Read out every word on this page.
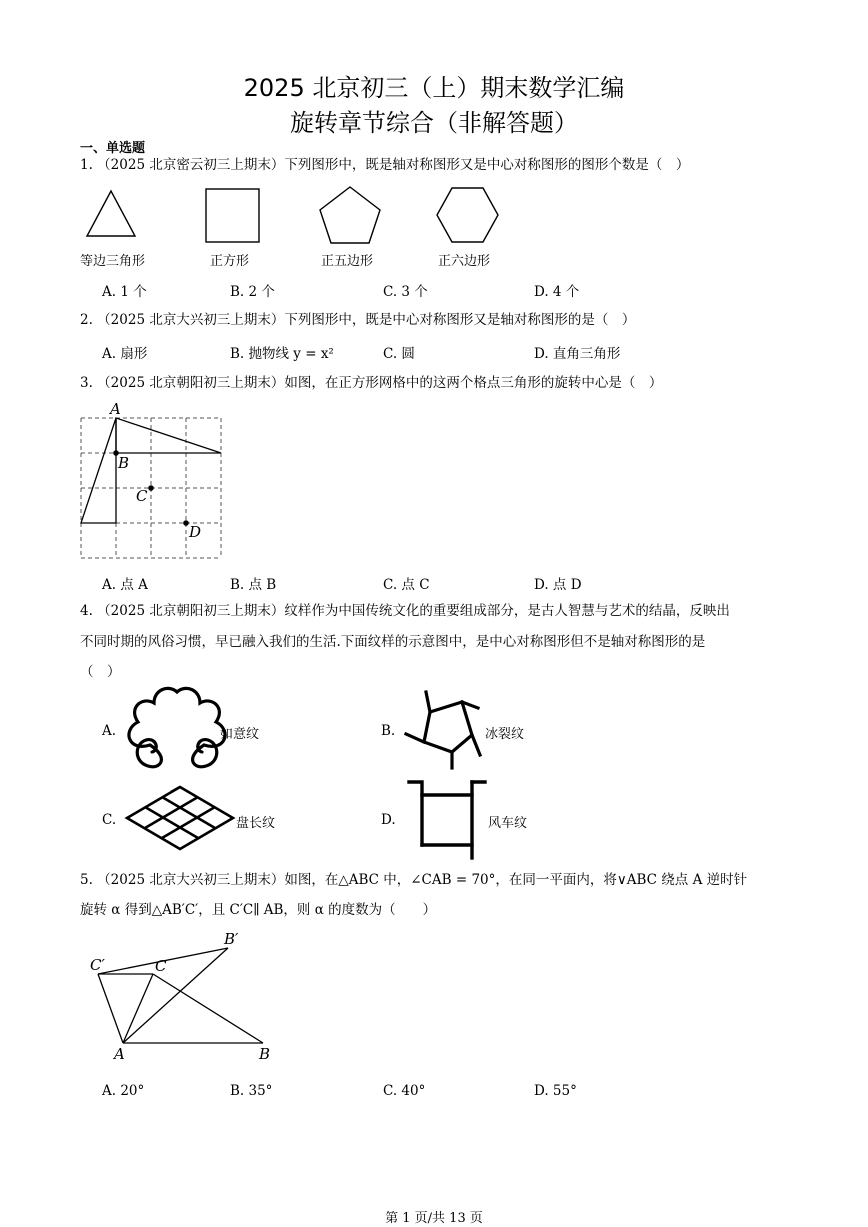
2025 北京初三（上）期末数学汇编
旋转章节综合（非解答题）
一、单选题
1. （2025 北京密云初三上期末）下列图形中，既是轴对称图形又是中心对称图形的图形个数是（　）
等边三角形	正方形	正五边形	正六边形
A. 1 个	B. 2 个	C. 3 个	D. 4 个
2. （2025 北京大兴初三上期末）下列图形中，既是中心对称图形又是轴对称图形的是（　）
A. 扇形	B. 抛物线 y = x²	C. 圆	D. 直角三角形
3. （2025 北京朝阳初三上期末）如图，在正方形网格中的这两个格点三角形的旋转中心是（　）
A
B
C
D
A. 点 A	B. 点 B	C. 点 C	D. 点 D
4. （2025 北京朝阳初三上期末）纹样作为中国传统文化的重要组成部分，是古人智慧与艺术的结晶，反映出
不同时期的风俗习惯，早已融入我们的生活.下面纹样的示意图中，是中心对称图形但不是轴对称图形的是
（　）
A.	如意纹	B.	冰裂纹
C.	盘长纹	D.	风车纹
5. （2025 北京大兴初三上期末）如图，在△ABC 中，∠CAB = 70°，在同一平面内，将∨ABC 绕点 A 逆时针
旋转 α 得到△AB′C′，且 C′C∥ AB，则 α 的度数为（　　）
C′	C
B′
A	B
A. 20°	B. 35°	C. 40°	D. 55°
第 1 页/共 13 页
